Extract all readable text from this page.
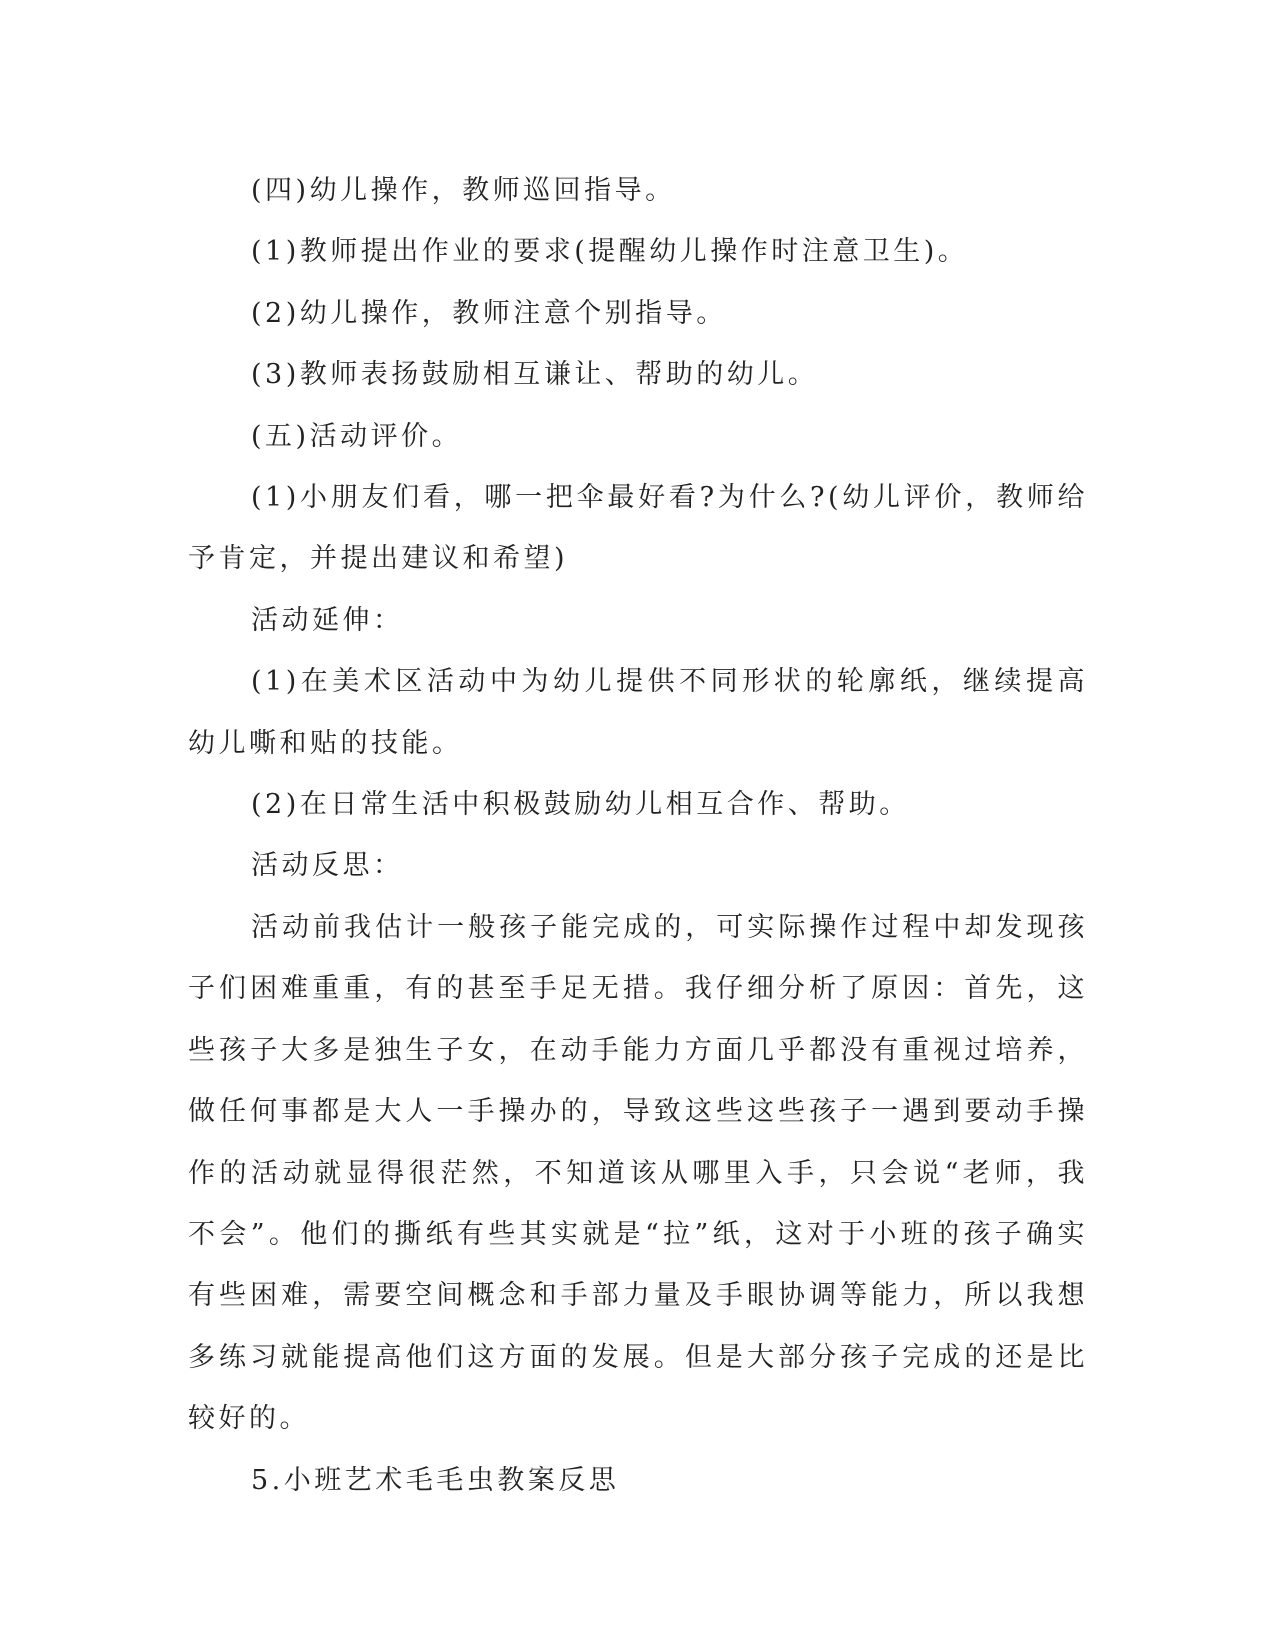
(四)幼儿操作，教师巡回指导。

(1)教师提出作业的要求(提醒幼儿操作时注意卫生)。

(2)幼儿操作，教师注意个别指导。

(3)教师表扬鼓励相互谦让、帮助的幼儿。

(五)活动评价。

(1)小朋友们看，哪一把伞最好看?为什么?(幼儿评价，教师给予肯定，并提出建议和希望)

活动延伸：

(1)在美术区活动中为幼儿提供不同形状的轮廓纸，继续提高幼儿嘶和贴的技能。

(2)在日常生活中积极鼓励幼儿相互合作、帮助。

活动反思：

活动前我估计一般孩子能完成的，可实际操作过程中却发现孩子们困难重重，有的甚至手足无措。我仔细分析了原因：首先，这些孩子大多是独生子女，在动手能力方面几乎都没有重视过培养，做任何事都是大人一手操办的，导致这些这些孩子一遇到要动手操作的活动就显得很茫然，不知道该从哪里入手，只会说“老师，我不会”。他们的撕纸有些其实就是“拉”纸，这对于小班的孩子确实有些困难，需要空间概念和手部力量及手眼协调等能力，所以我想多练习就能提高他们这方面的发展。但是大部分孩子完成的还是比较好的。

5.小班艺术毛毛虫教案反思
